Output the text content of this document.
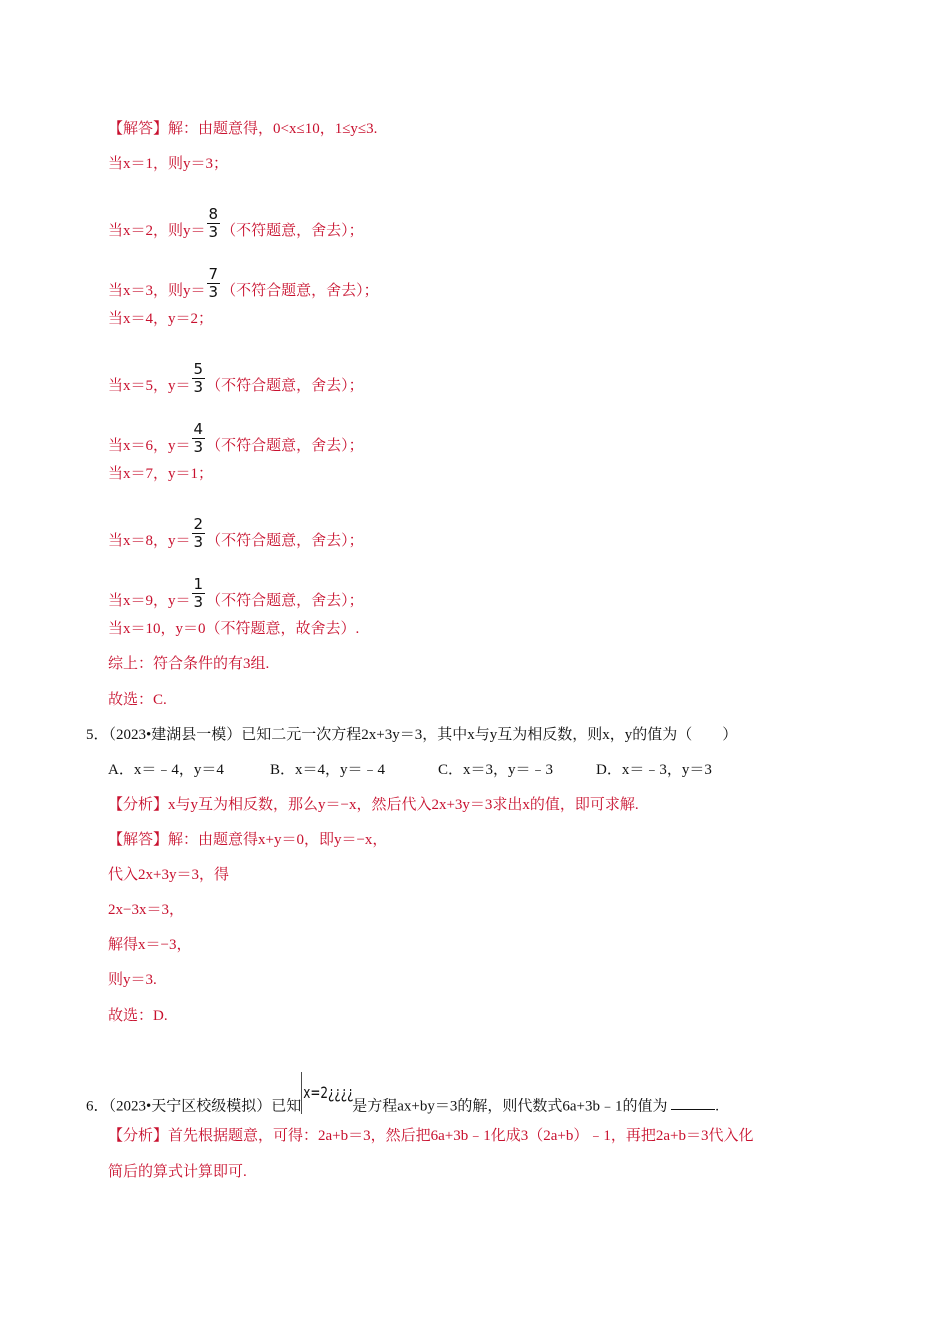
【解答】解：由题意得，0<x≤10，1≤y≤3.
当x＝1，则y＝3；
当x＝2，则$y= \frac{8}{3}$ （不符题意，舍去）；
当x＝3，则$y= \frac{7}{3}$ （不符合题意，舍去）；
当x＝4，y＝2；
当x＝5，$y= \frac{5}{3}$ （不符合题意，舍去）；
当x＝6，$y= \frac{4}{3}$ （不符合题意，舍去）；
当x＝7，y＝1；
当x＝8，$y= \frac{2}{3}$ （不符合题意，舍去）；
当x＝9，$y= \frac{1}{3}$ （不符合题意，舍去）；
当x＝10，y＝0（不符题意，故舍去）.
综上：符合条件的有3组.
故选：C.
5．（2023•建湖县一模）已知二元一次方程2x+3y＝3，其中x与y互为相反数，则x，y的值为（　　）
A．x＝﹣4，y＝4	B．x＝4，y＝﹣4	C．x＝3，y＝﹣3	D．x＝﹣3，y＝3
【分析】x与y互为相反数，那么y＝−x，然后代入2x+3y＝3求出x的值，即可求解.
【解答】解：由题意得x+y＝0，即y＝−x，
代入2x+3y＝3，得
2x−3x＝3，
解得x＝−3，
则y＝3.
故选：D.
6．（2023•天宁区校级模拟）已知x=2¿¿¿¿是方程ax+by＝3的解，则代数式6a+3b﹣1的值为	.
【分析】首先根据题意，可得：2a+b＝3，然后把6a+3b﹣1化成3（2a+b）﹣1，再把2a+b＝3代入化
简后的算式计算即可.
